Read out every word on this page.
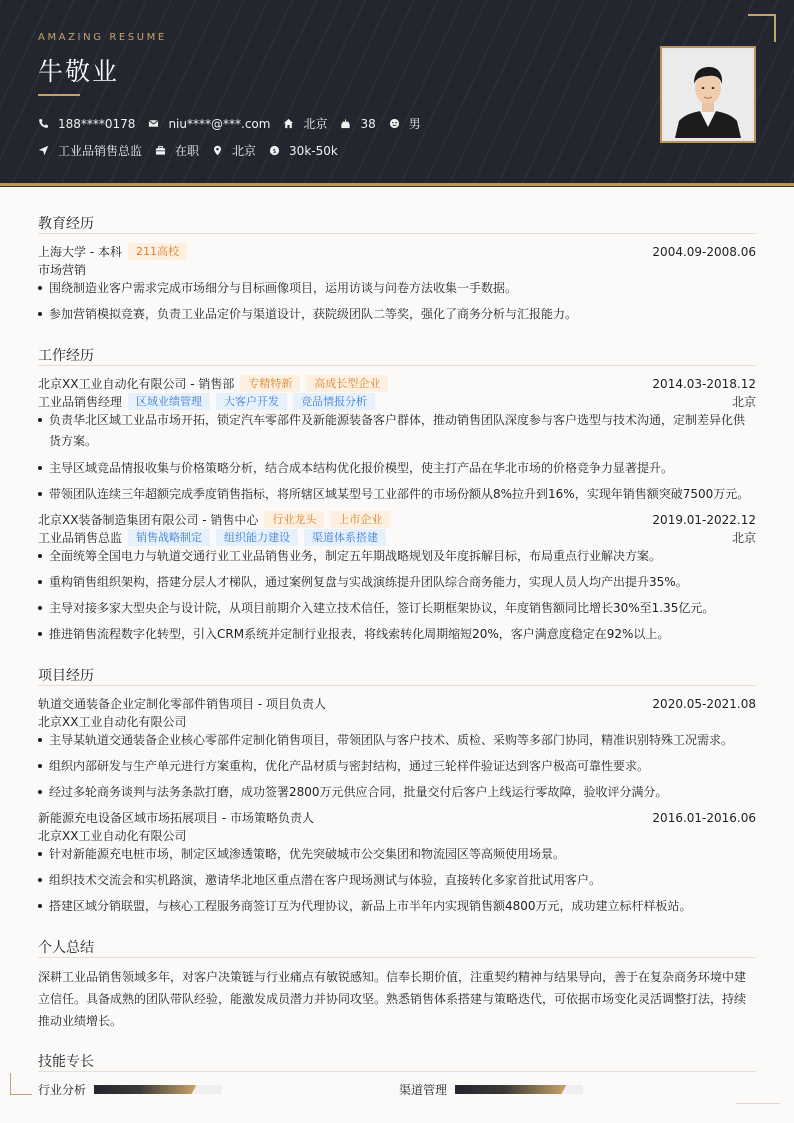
AMAZING RESUME
牛敬业
188****0178	niu****@***.com	北京	38	男
工业品销售总监	在职	北京 $ 30k-50k
教育经历
上海大学 - 本科	211高校	2004.09-2008.06
市场营销
围绕制造业客户需求完成市场细分与目标画像项目，运用访谈与问卷方法收集一手数据。
参加营销模拟竞赛，负责工业品定价与渠道设计，获院级团队二等奖，强化了商务分析与汇报能力。
工作经历
北京XX工业自动化有限公司 - 销售部	专精特新	高成长型企业	2014.03-2018.12
工业品销售经理	区域业绩管理	大客户开发	竞品情报分析	北京
负责华北区域工业品市场开拓，锁定汽车零部件及新能源装备客户群体，推动销售团队深度参与客户选型与技术沟通，定制差异化供货方案。
主导区域竞品情报收集与价格策略分析，结合成本结构优化报价模型，使主打产品在华北市场的价格竞争力显著提升。
带领团队连续三年超额完成季度销售指标，将所辖区域某型号工业部件的市场份额从8%拉升到16%，实现年销售额突破7500万元。
北京XX装备制造集团有限公司 - 销售中心	行业龙头	上市企业	2019.01-2022.12
工业品销售总监	销售战略制定	组织能力建设	渠道体系搭建	北京
全面统筹全国电力与轨道交通行业工业品销售业务，制定五年期战略规划及年度拆解目标，布局重点行业解决方案。
重构销售组织架构，搭建分层人才梯队，通过案例复盘与实战演练提升团队综合商务能力，实现人员人均产出提升35%。
主导对接多家大型央企与设计院，从项目前期介入建立技术信任，签订长期框架协议，年度销售额同比增长30%至1.35亿元。
推进销售流程数字化转型，引入CRM系统并定制行业报表，将线索转化周期缩短20%，客户满意度稳定在92%以上。
项目经历
轨道交通装备企业定制化零部件销售项目 - 项目负责人	2020.05-2021.08
北京XX工业自动化有限公司
主导某轨道交通装备企业核心零部件定制化销售项目，带领团队与客户技术、质检、采购等多部门协同，精准识别特殊工况需求。
组织内部研发与生产单元进行方案重构，优化产品材质与密封结构，通过三轮样件验证达到客户极高可靠性要求。
经过多轮商务谈判与法务条款打磨，成功签署2800万元供应合同，批量交付后客户上线运行零故障，验收评分满分。
新能源充电设备区域市场拓展项目 - 市场策略负责人	2016.01-2016.06
北京XX工业自动化有限公司
针对新能源充电桩市场，制定区域渗透策略，优先突破城市公交集团和物流园区等高频使用场景。
组织技术交流会和实机路演，邀请华北地区重点潜在客户现场测试与体验，直接转化多家首批试用客户。
搭建区域分销联盟，与核心工程服务商签订互为代理协议，新品上市半年内实现销售额4800万元，成功建立标杆样板站。
个人总结
深耕工业品销售领域多年，对客户决策链与行业痛点有敏锐感知。信奉长期价值，注重契约精神与结果导向，善于在复杂商务环境中建
立信任。具备成熟的团队带队经验，能激发成员潜力并协同攻坚。熟悉销售体系搭建与策略迭代，可依据市场变化灵活调整打法，持续
推动业绩增长。
技能专长
行业分析	渠道管理
